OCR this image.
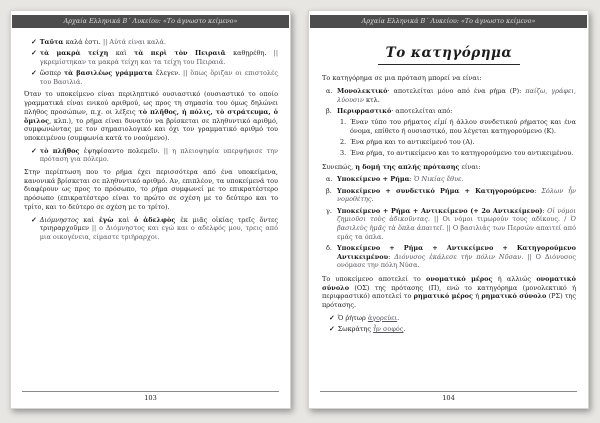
Αρχαία Ελληνικά Β΄ Λυκείου: «Το άγνωστο κείμενο»
✓ Ταῦτα καλά ἐστι. || Αὐτά είναι καλά.
✓ τὰ μακρὰ τείχη καὶ τὰ περὶ τὸν Πειραιᾶ καθῃρέθη. || γκρεμίστηκαν τα μακρά τείχη και τα τείχη του Πειραιά.
✓ ὥσπερ τὰ βασιλέως γράμματα ἔλεγεν. || ὅπως ὅριζαν οι επιστολές του Βασιλιά.

Όταν το υποκείμενο είναι περιληπτικό ουσιαστικό (ουσιαστικό το οποίο γραμματικά είναι ενικού αριθμού, ως προς τη σημασία του όμως δηλώνει πλήθος προσώπων, π.χ. οι λέξεις τὸ πλῆθος, ἡ πόλις, τὸ στράτευμα, ὁ ὅμιλος, κλπ.), το ρήμα είναι δυνατόν να βρίσκεται σε πληθυντικό αριθμό, συμφωνώντας με τον σημασιολογικό και όχι τον γραμματικό αριθμό του υποκειμένου (συμφωνία κατά το νοούμενο).

✓ τὸ πλῆθος ἐψηφίσαντο πολεμεῖν. || η πλειοψηφία υπερψήφισε την πρόταση για πόλεμο.

Στην περίπτωση που το ρήμα έχει περισσότερα από ένα υποκείμενα, κανονικά βρίσκεται σε πληθυντικό αριθμό. Αν, επιπλέον, τα υποκείμενά του διαφέρουν ως προς το πρόσωπο, το ρήμα συμφωνεί με το επικρατέστερο πρόσωπο (επικρατέστερο είναι το πρώτο σε σχέση με το δεύτερο και το τρίτο, και το δεύτερο σε σχέση με το τρίτο).

✓ Διόμνηστος καὶ ἐγὼ καὶ ὁ ἀδελφὸς ἐκ μιᾶς οἰκίας τρεῖς ὄντες τριηραρχοῦμεν || ο Διόμνηστος και εγώ και ο αδελφός μου, τρεις από μια οικογένεια, είμαστε τριήραρχοι.
103
Αρχαία Ελληνικά Β΄ Λυκείου: «Το άγνωστο κείμενο»
Το κατηγόρημα

Το κατηγόρημα σε μια πρόταση μπορεί να είναι:

α. Μονολεκτικό· αποτελείται μόνο από ένα ρήμα (Ρ): παίζω, γράφει, λύουσιν κτλ.
β. Περιφραστικό· αποτελείται από:
1. Έναν τύπο του ρήματος εἰμί ή άλλου συνδετικού ρήματος και ένα όνομα, επίθετο ή ουσιαστικό, που λέγεται κατηγορούμενο (Κ).
2. Ένα ρήμα και το αντικείμενό του (Α).
3. Ένα ρήμα, το αντικείμενο και το κατηγορούμενο του αντικειμένου.

Συνεπώς, η δομή της απλής πρότασης είναι:

α. Υποκείμενο + Ρήμα: Ὁ Νικίας ἔθυε.
β. Υποκείμενο + συνδετικό Ρήμα + Κατηγορούμενο: Σόλων ἦν νομοθέτης.
γ. Υποκείμενο + Ρήμα + Αντικείμενο (+ 2ο Αντικείμενο): Οἱ νόμοι ζημιοῦσι τοὺς ἀδικοῦντας. || Οι νόμοι τιμωρούν τους αδίκους. / Ὁ βασιλεὺς ἡμᾶς τὰ ὅπλα ἀπαιτεῖ. || Ο βασιλιάς των Περσών απαιτεί από εμάς τα όπλα.
δ. Υποκείμενο + Ρήμα + Αντικείμενο + Κατηγορούμενο Αντικειμένου: Διόνυσος ἐκάλεσε τὴν πόλιν Νῦσαν. || Ο Διόνυσος ονόμασε την πόλη Νύσα.

Το υποκείμενο αποτελεί το ονοματικό μέρος ή αλλιώς ονοματικό σύνολο (ΟΣ) της πρότασης (Π), ενώ το κατηγόρημα (μονολεκτικό ή περιφραστικό) αποτελεί το ρηματικό μέρος ή ρηματικό σύνολο (ΡΣ) της πρότασης.

✓ Ὁ ῥήτωρ ἀγορεύει.
✓ Σωκράτης ἦν σοφός.
104
